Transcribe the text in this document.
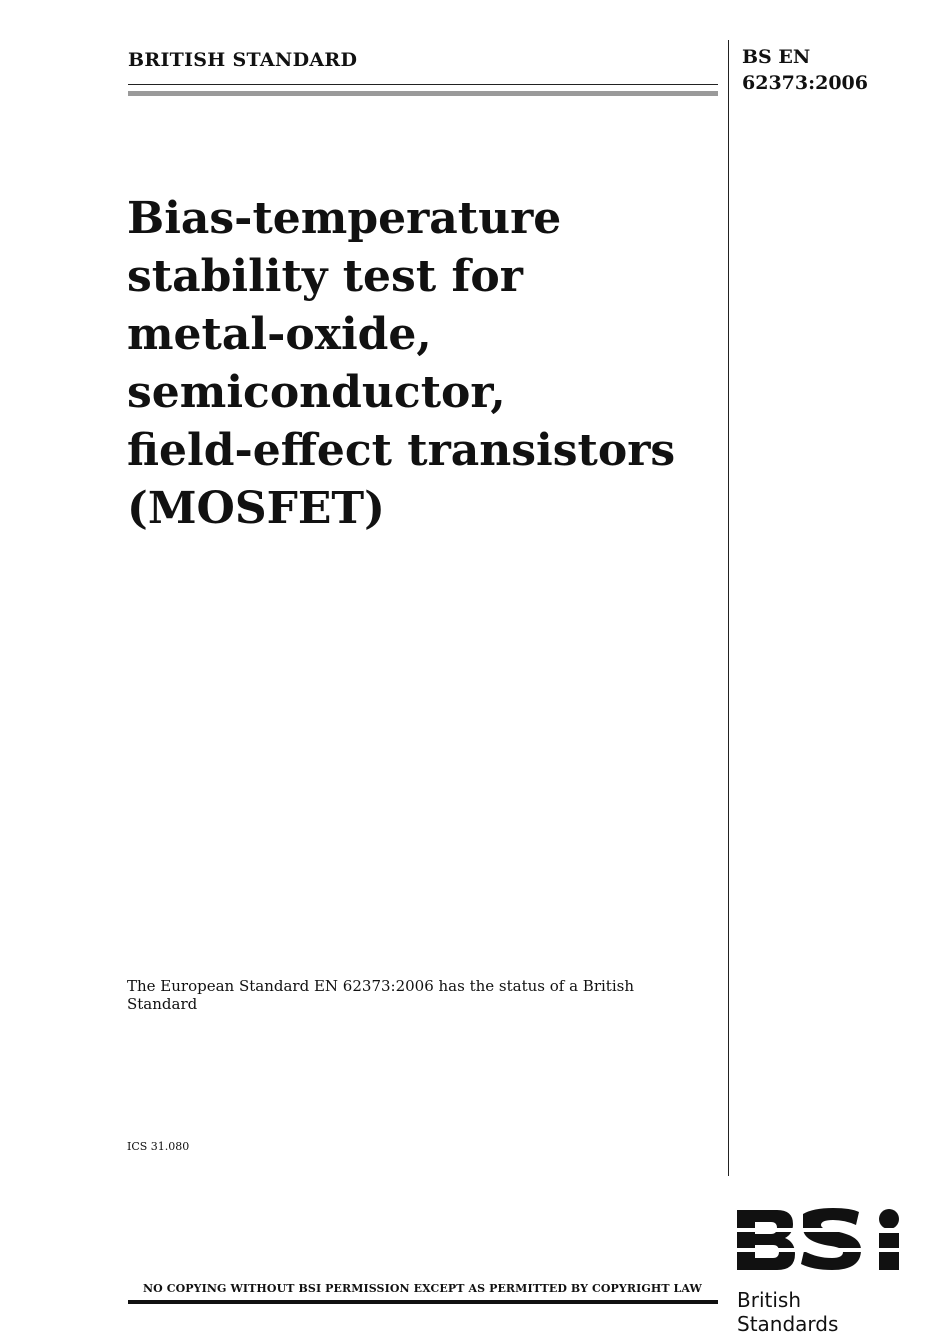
BRITISH STANDARD	BS EN
62373:2006
Bias-temperature
stability test for
metal-oxide,
semiconductor,
field-effect transistors
(MOSFET)
The European Standard EN 62373:2006 has the status of a British Standard
ICS 31.080
NO COPYING WITHOUT BSI PERMISSION EXCEPT AS PERMITTED BY COPYRIGHT LAW British Standards
